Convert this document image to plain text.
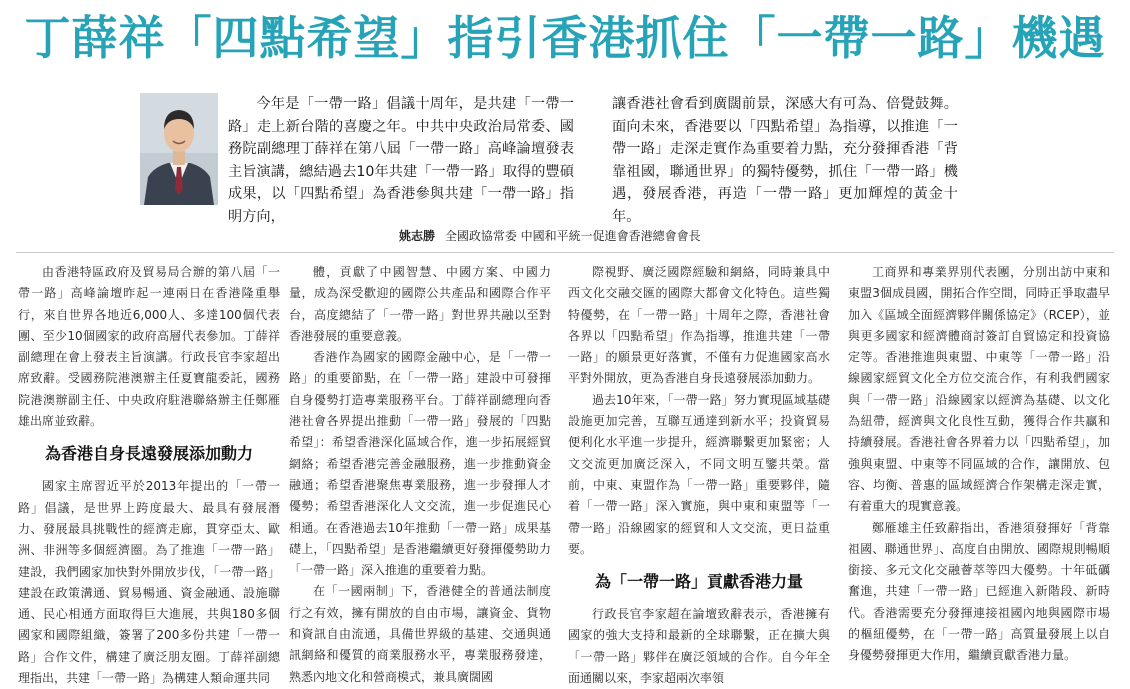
丁薛祥「四點希望」指引香港抓住「一帶一路」機遇
今年是「一帶一路」倡議十周年，是共建「一帶一路」走上新台階的喜慶之年。中共中央政治局常委、國務院副總理丁薛祥在第八屆「一帶一路」高峰論壇發表主旨演講，總結過去10年共建「一帶一路」取得的豐碩成果，以「四點希望」為香港參與共建「一帶一路」指明方向，
讓香港社會看到廣闊前景，深感大有可為、倍覺鼓舞。面向未來，香港要以「四點希望」為指導，以推進「一帶一路」走深走實作為重要着力點，充分發揮香港「背靠祖國，聯通世界」的獨特優勢，抓住「一帶一路」機遇，發展香港，再造「一帶一路」更加輝煌的黃金十年。
姚志勝 全國政協常委 中國和平統一促進會香港總會會長

由香港特區政府及貿易局合辦的第八屆「一帶一路」高峰論壇昨起一連兩日在香港隆重舉行，來自世界各地近6,000人、多達100個代表團、至少10個國家的政府高層代表參加。丁薛祥副總理在會上發表主旨演講。行政長官李家超出席致辭。受國務院港澳辦主任夏寶龍委託，國務院港澳辦副主任、中央政府駐港聯絡辦主任鄭雁雄出席並致辭。

為香港自身長遠發展添加動力

國家主席習近平於2013年提出的「一帶一路」倡議，是世界上跨度最大、最具有發展潛力、發展最具挑戰性的經濟走廊，貫穿亞太、歐洲、非洲等多個經濟圈。為了推進「一帶一路」建設，我們國家加快對外開放步伐，「一帶一路」建設在政策溝通、貿易暢通、資金融通、設施聯通、民心相通方面取得巨大進展，共與180多個國家和國際組織，簽署了200多份共建「一帶一路」合作文件，構建了廣泛朋友圈。丁薛祥副總理指出，共建「一帶一路」為構建人類命運共同

體，貢獻了中國智慧、中國方案、中國力量，成為深受歡迎的國際公共產品和國際合作平台，高度總結了「一帶一路」對世界共融以至對香港發展的重要意義。

香港作為國家的國際金融中心，是「一帶一路」的重要節點，在「一帶一路」建設中可發揮自身優勢打造專業服務平台。丁薛祥副總理向香港社會各界提出推動「一帶一路」發展的「四點希望」：希望香港深化區域合作，進一步拓展經貿網絡；希望香港完善金融服務，進一步推動資金融通；希望香港聚焦專業服務，進一步發揮人才優勢；希望香港深化人文交流，進一步促進民心相通。在香港過去10年推動「一帶一路」成果基礎上，「四點希望」是香港繼續更好發揮優勢助力「一帶一路」深入推進的重要着力點。

在「一國兩制」下，香港健全的普通法制度行之有效，擁有開放的自由市場，讓資金、貨物和資訊自由流通，具備世界級的基建、交通與通訊網絡和優質的商業服務水平，專業服務發達，熟悉內地文化和營商模式，兼具廣闊國

際視野、廣泛國際經驗和網絡，同時兼具中西文化交融交匯的國際大都會文化特色。這些獨特優勢，在「一帶一路」十周年之際，香港社會各界以「四點希望」作為指導，推進共建「一帶一路」的願景更好落實，不僅有力促進國家高水平對外開放，更為香港自身長遠發展添加動力。

過去10年來，「一帶一路」努力實現區域基礎設施更加完善，互聯互通達到新水平；投資貿易便利化水平進一步提升，經濟聯繫更加緊密；人文交流更加廣泛深入，不同文明互鑒共榮。當前，中東、東盟作為「一帶一路」重要夥伴，隨着「一帶一路」深入實施，與中東和東盟等「一帶一路」沿線國家的經貿和人文交流，更日益重要。

為「一帶一路」貢獻香港力量

行政長官李家超在論壇致辭表示，香港擁有國家的強大支持和最新的全球聯繫，正在擴大與「一帶一路」夥伴在廣泛領域的合作。自今年全面通關以來，李家超兩次率領

工商界和專業界別代表團，分別出訪中東和東盟3個成員國，開拓合作空間，同時正爭取盡早加入《區域全面經濟夥伴關係協定》（RCEP），並與更多國家和經濟體商討簽訂自貿協定和投資協定等。香港推進與東盟、中東等「一帶一路」沿線國家經貿文化全方位交流合作，有利我們國家與「一帶一路」沿線國家以經濟為基礎、以文化為紐帶，經濟與文化良性互動，獲得合作共贏和持續發展。香港社會各界着力以「四點希望」，加強與東盟、中東等不同區域的合作，讓開放、包容、均衡、普惠的區域經濟合作架構走深走實，有着重大的現實意義。

鄭雁雄主任致辭指出，香港須發揮好「背靠祖國、聯通世界」、高度自由開放、國際規則暢順銜接、多元文化交融薈萃等四大優勢。十年砥礪奮進，共建「一帶一路」已經進入新階段、新時代。香港需要充分發揮連接祖國內地與國際市場的樞紐優勢，在「一帶一路」高質量發展上以自身優勢發揮更大作用，繼續貢獻香港力量。
